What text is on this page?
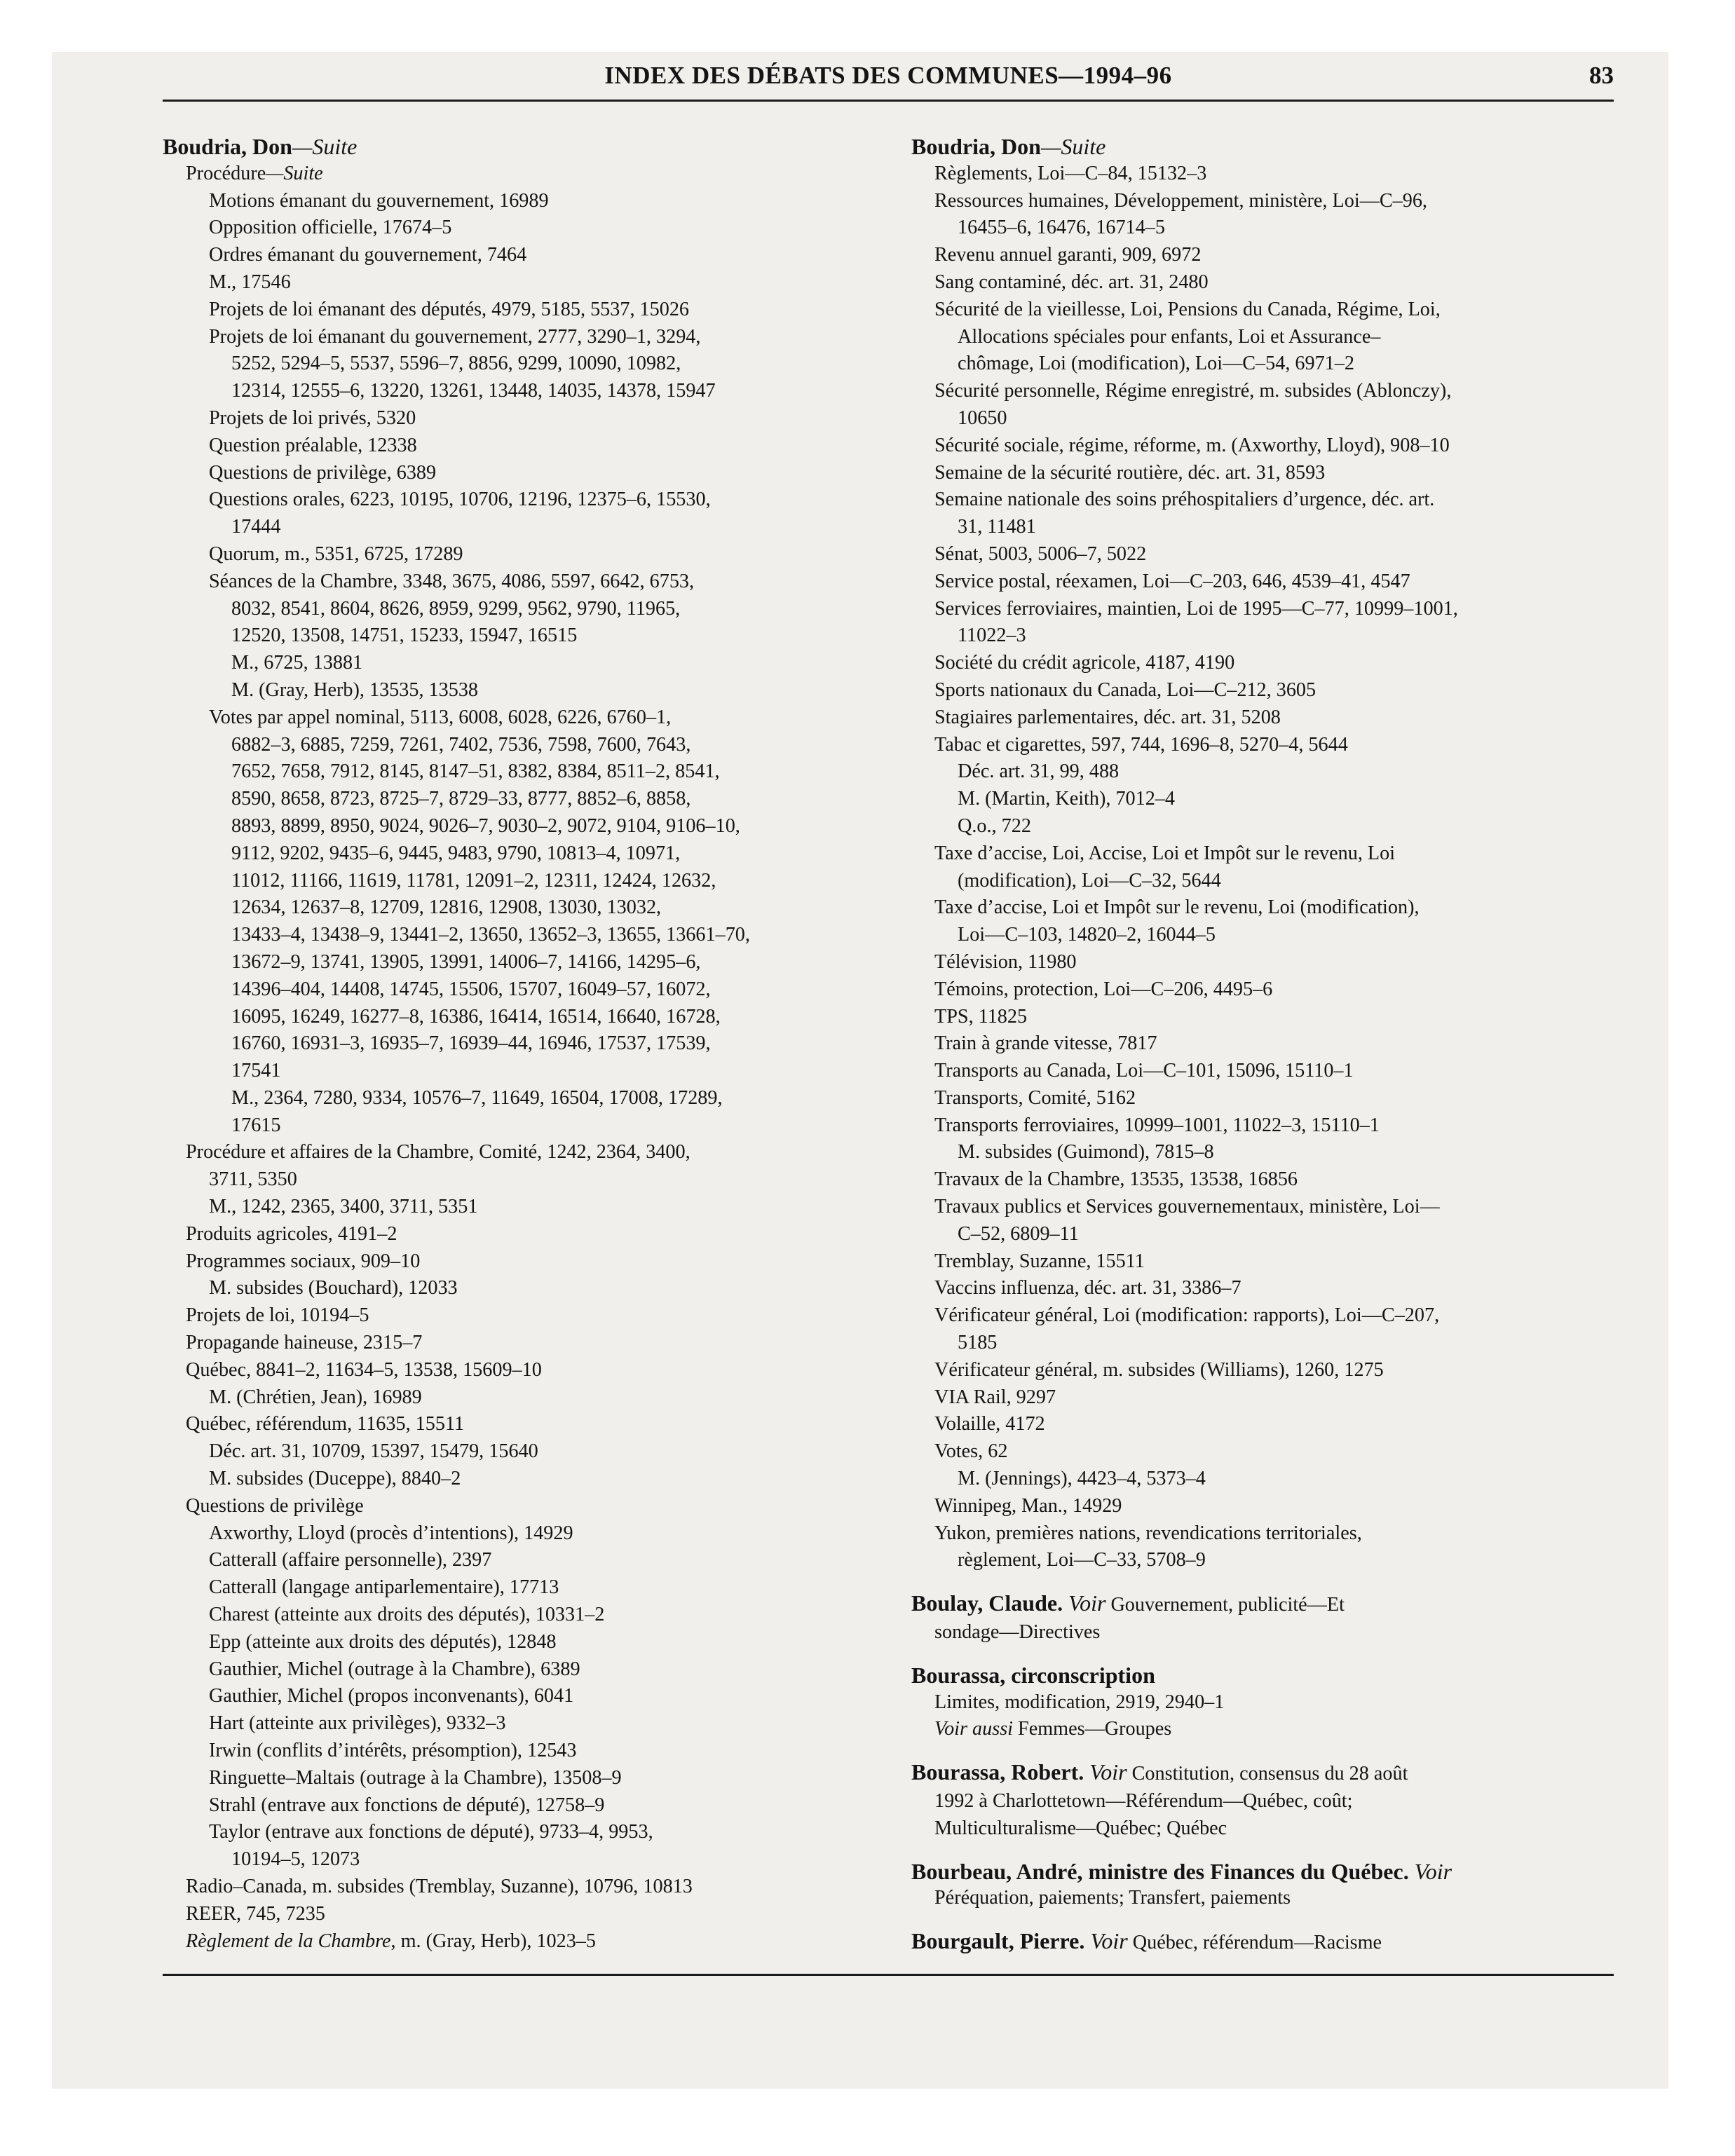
INDEX DES DÉBATS DES COMMUNES—1994–96	83
Boudria, Don—Suite
Procédure—Suite
Motions émanant du gouvernement, 16989
Opposition officielle, 17674–5
Ordres émanant du gouvernement, 7464
M., 17546
Projets de loi émanant des députés, 4979, 5185, 5537, 15026
Projets de loi émanant du gouvernement, 2777, 3290–1, 3294,
5252, 5294–5, 5537, 5596–7, 8856, 9299, 10090, 10982,
12314, 12555–6, 13220, 13261, 13448, 14035, 14378, 15947
Projets de loi privés, 5320
Question préalable, 12338
Questions de privilège, 6389
Questions orales, 6223, 10195, 10706, 12196, 12375–6, 15530,
17444
Quorum, m., 5351, 6725, 17289
Séances de la Chambre, 3348, 3675, 4086, 5597, 6642, 6753,
8032, 8541, 8604, 8626, 8959, 9299, 9562, 9790, 11965,
12520, 13508, 14751, 15233, 15947, 16515
M., 6725, 13881
M. (Gray, Herb), 13535, 13538
Votes par appel nominal, 5113, 6008, 6028, 6226, 6760–1,
6882–3, 6885, 7259, 7261, 7402, 7536, 7598, 7600, 7643,
7652, 7658, 7912, 8145, 8147–51, 8382, 8384, 8511–2, 8541,
8590, 8658, 8723, 8725–7, 8729–33, 8777, 8852–6, 8858,
8893, 8899, 8950, 9024, 9026–7, 9030–2, 9072, 9104, 9106–10,
9112, 9202, 9435–6, 9445, 9483, 9790, 10813–4, 10971,
11012, 11166, 11619, 11781, 12091–2, 12311, 12424, 12632,
12634, 12637–8, 12709, 12816, 12908, 13030, 13032,
13433–4, 13438–9, 13441–2, 13650, 13652–3, 13655, 13661–70,
13672–9, 13741, 13905, 13991, 14006–7, 14166, 14295–6,
14396–404, 14408, 14745, 15506, 15707, 16049–57, 16072,
16095, 16249, 16277–8, 16386, 16414, 16514, 16640, 16728,
16760, 16931–3, 16935–7, 16939–44, 16946, 17537, 17539,
17541
M., 2364, 7280, 9334, 10576–7, 11649, 16504, 17008, 17289,
17615
Procédure et affaires de la Chambre, Comité, 1242, 2364, 3400,
3711, 5350
M., 1242, 2365, 3400, 3711, 5351
Produits agricoles, 4191–2
Programmes sociaux, 909–10
M. subsides (Bouchard), 12033
Projets de loi, 10194–5
Propagande haineuse, 2315–7
Québec, 8841–2, 11634–5, 13538, 15609–10
M. (Chrétien, Jean), 16989
Québec, référendum, 11635, 15511
Déc. art. 31, 10709, 15397, 15479, 15640
M. subsides (Duceppe), 8840–2
Questions de privilège
Axworthy, Lloyd (procès d’intentions), 14929
Catterall (affaire personnelle), 2397
Catterall (langage antiparlementaire), 17713
Charest (atteinte aux droits des députés), 10331–2
Epp (atteinte aux droits des députés), 12848
Gauthier, Michel (outrage à la Chambre), 6389
Gauthier, Michel (propos inconvenants), 6041
Hart (atteinte aux privilèges), 9332–3
Irwin (conflits d’intérêts, présomption), 12543
Ringuette–Maltais (outrage à la Chambre), 13508–9
Strahl (entrave aux fonctions de député), 12758–9
Taylor (entrave aux fonctions de député), 9733–4, 9953,
10194–5, 12073
Radio–Canada, m. subsides (Tremblay, Suzanne), 10796, 10813
REER, 745, 7235
Règlement de la Chambre, m. (Gray, Herb), 1023–5
Boudria, Don—Suite
Règlements, Loi—C–84, 15132–3
Ressources humaines, Développement, ministère, Loi—C–96,
16455–6, 16476, 16714–5
Revenu annuel garanti, 909, 6972
Sang contaminé, déc. art. 31, 2480
Sécurité de la vieillesse, Loi, Pensions du Canada, Régime, Loi,
Allocations spéciales pour enfants, Loi et Assurance–
chômage, Loi (modification), Loi—C–54, 6971–2
Sécurité personnelle, Régime enregistré, m. subsides (Ablonczy),
10650
Sécurité sociale, régime, réforme, m. (Axworthy, Lloyd), 908–10
Semaine de la sécurité routière, déc. art. 31, 8593
Semaine nationale des soins préhospitaliers d’urgence, déc. art.
31, 11481
Sénat, 5003, 5006–7, 5022
Service postal, réexamen, Loi—C–203, 646, 4539–41, 4547
Services ferroviaires, maintien, Loi de 1995—C–77, 10999–1001,
11022–3
Société du crédit agricole, 4187, 4190
Sports nationaux du Canada, Loi—C–212, 3605
Stagiaires parlementaires, déc. art. 31, 5208
Tabac et cigarettes, 597, 744, 1696–8, 5270–4, 5644
Déc. art. 31, 99, 488
M. (Martin, Keith), 7012–4
Q.o., 722
Taxe d’accise, Loi, Accise, Loi et Impôt sur le revenu, Loi
(modification), Loi—C–32, 5644
Taxe d’accise, Loi et Impôt sur le revenu, Loi (modification),
Loi—C–103, 14820–2, 16044–5
Télévision, 11980
Témoins, protection, Loi—C–206, 4495–6
TPS, 11825
Train à grande vitesse, 7817
Transports au Canada, Loi—C–101, 15096, 15110–1
Transports, Comité, 5162
Transports ferroviaires, 10999–1001, 11022–3, 15110–1
M. subsides (Guimond), 7815–8
Travaux de la Chambre, 13535, 13538, 16856
Travaux publics et Services gouvernementaux, ministère, Loi—
C–52, 6809–11
Tremblay, Suzanne, 15511
Vaccins influenza, déc. art. 31, 3386–7
Vérificateur général, Loi (modification: rapports), Loi—C–207,
5185
Vérificateur général, m. subsides (Williams), 1260, 1275
VIA Rail, 9297
Volaille, 4172
Votes, 62
M. (Jennings), 4423–4, 5373–4
Winnipeg, Man., 14929
Yukon, premières nations, revendications territoriales,
règlement, Loi—C–33, 5708–9
Boulay, Claude. Voir Gouvernement, publicité—Et
sondage—Directives
Bourassa, circonscription
Limites, modification, 2919, 2940–1
Voir aussi Femmes—Groupes
Bourassa, Robert. Voir Constitution, consensus du 28 août
1992 à Charlottetown—Référendum—Québec, coût;
Multiculturalisme—Québec; Québec
Bourbeau, André, ministre des Finances du Québec. Voir
Péréquation, paiements; Transfert, paiements
Bourgault, Pierre. Voir Québec, référendum—Racisme
